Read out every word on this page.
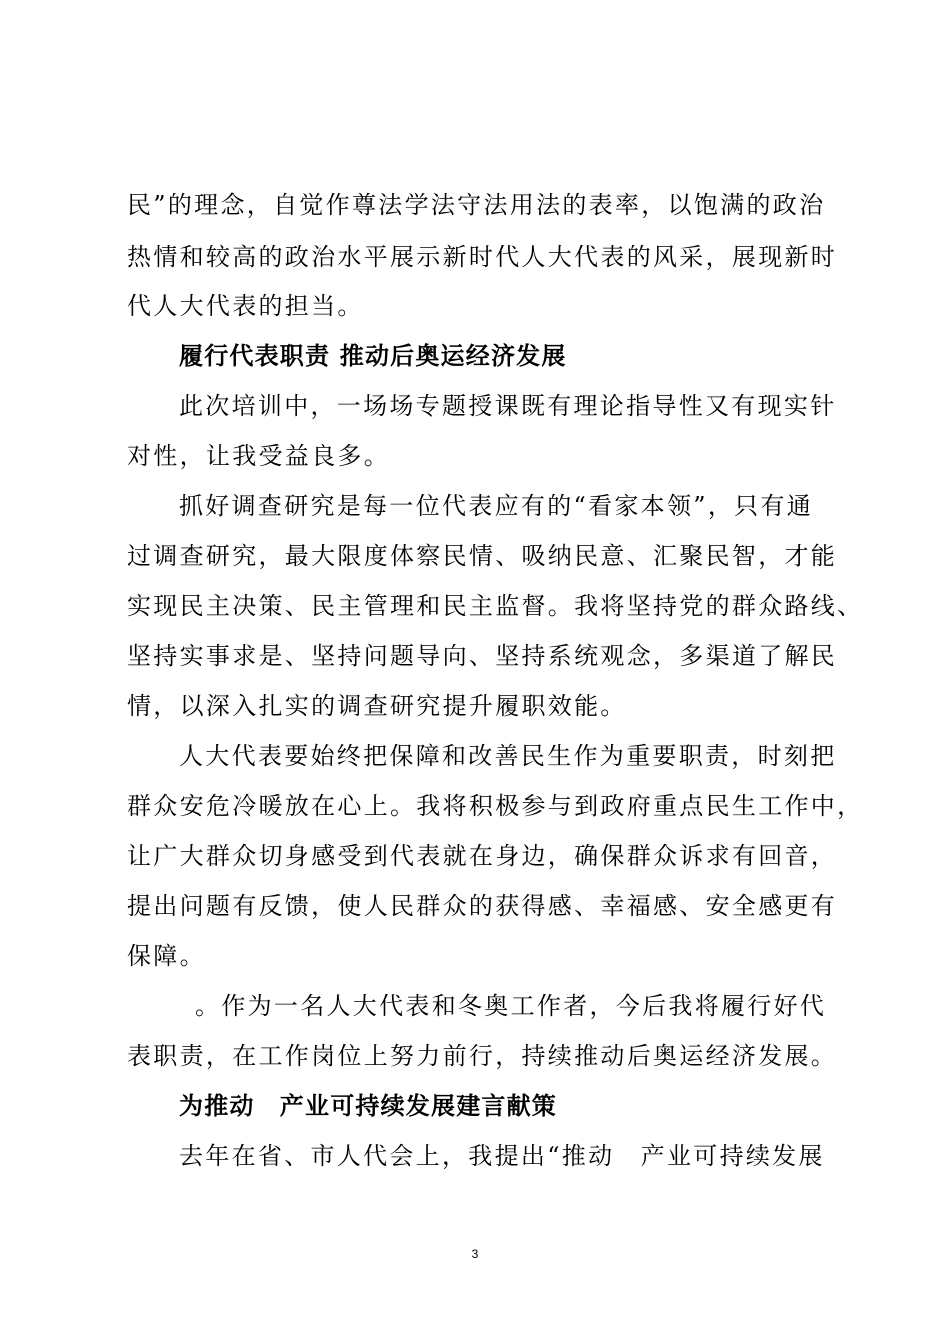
民”的理念，自觉作尊法学法守法用法的表率，以饱满的政治
热情和较高的政治水平展示新时代人大代表的风采，展现新时
代人大代表的担当。
履行代表职责 推动后奥运经济发展
此次培训中，一场场专题授课既有理论指导性又有现实针
对性，让我受益良多。
抓好调查研究是每一位代表应有的“看家本领”，只有通
过调查研究，最大限度体察民情、吸纳民意、汇聚民智，才能
实现民主决策、民主管理和民主监督。我将坚持党的群众路线、
坚持实事求是、坚持问题导向、坚持系统观念，多渠道了解民
情，以深入扎实的调查研究提升履职效能。
人大代表要始终把保障和改善民生作为重要职责，时刻把
群众安危冷暖放在心上。我将积极参与到政府重点民生工作中，
让广大群众切身感受到代表就在身边，确保群众诉求有回音，
提出问题有反馈，使人民群众的获得感、幸福感、安全感更有
保障。
。作为一名人大代表和冬奥工作者，今后我将履行好代
表职责，在工作岗位上努力前行，持续推动后奥运经济发展。
为推动　产业可持续发展建言献策
去年在省、市人代会上，我提出“推动　产业可持续发展
3
